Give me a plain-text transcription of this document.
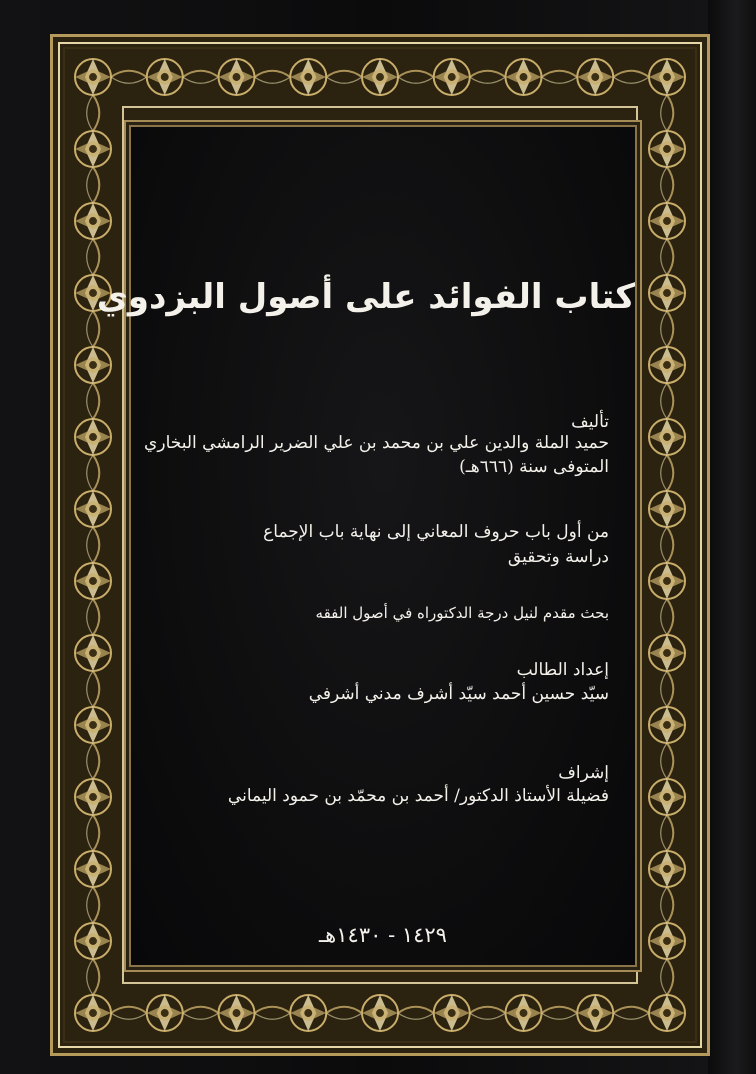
كتاب الفوائد على أصول البزدوي
تأليف
حميد الملة والدين علي بن محمد بن علي الضرير الرامشي البخاري
المتوفى سنة (٦٦٦هـ)
من أول باب حروف المعاني إلى نهاية باب الإجماع
دراسة وتحقيق
بحث مقدم لنيل درجة الدكتوراه في أصول الفقه
إعداد الطالب
سيّد حسين أحمد سيّد أشرف مدني أشرفي
إشراف
فضيلة الأستاذ الدكتور/ أحمد بن محمّد بن حمود اليماني
١٤٢٩ - ١٤٣٠هـ
